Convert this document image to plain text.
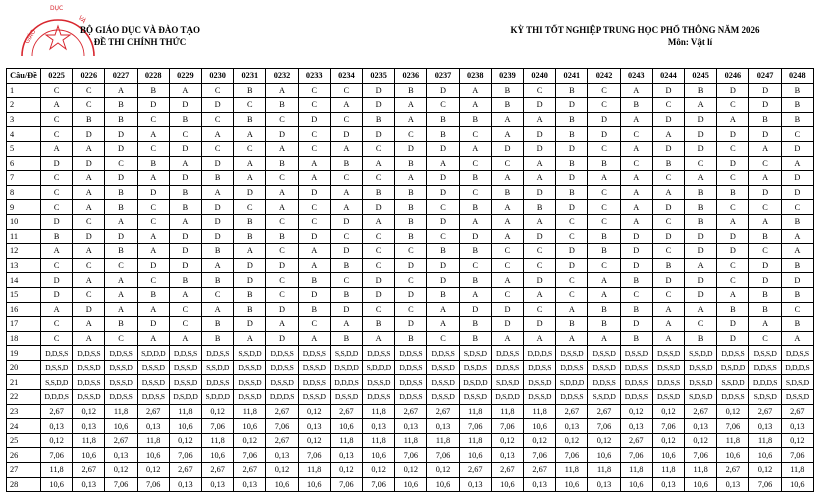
GIÁO
DỤC
VÀ
BỘ GIÁO DỤC VÀ ĐÀO TẠO
ĐỀ THI CHÍNH THỨC
KỲ THI TỐT NGHIỆP TRUNG HỌC PHỔ THÔNG NĂM 2026
Môn: Vật lí
Câu/Đề	0225	0226	0227	0228	0229	0230	0231	0232	0233	0234	0235	0236	0237	0238	0239	0240	0241	0242	0243	0244	0245	0246	0247	0248
1	C	C	A	B	A	C	B	A	C	C	D	B	D	A	B	C	B	C	A	D	B	D	D	B
2	A	C	B	D	D	D	C	B	C	A	D	A	C	A	B	D	D	C	B	C	A	C	D	B
3	C	B	B	C	B	C	B	C	D	C	B	A	B	B	A	A	B	D	A	D	D	A	B	B
4	C	D	D	A	C	A	A	D	C	D	D	C	B	C	A	D	B	D	C	A	D	D	D	C
5	A	A	D	C	D	C	C	A	C	A	C	D	D	A	D	D	D	C	A	D	D	C	A	D
6	D	D	C	B	A	D	A	B	A	B	A	B	A	C	C	A	B	B	C	B	C	D	C	A
7	C	A	D	A	D	B	A	C	A	C	C	A	D	B	A	A	D	A	A	C	A	C	A	D
8	C	A	B	D	B	A	D	A	D	A	B	B	D	C	B	D	B	C	A	A	B	B	D	D
9	C	A	B	C	B	D	C	A	C	A	D	B	C	B	A	B	D	C	A	D	B	C	C	C
10	D	C	A	C	A	D	B	C	C	D	A	B	D	A	A	A	C	C	A	C	B	A	A	B
11	B	D	D	A	D	D	B	B	D	C	C	B	C	D	A	D	C	B	D	D	D	D	B	A
12	A	A	B	A	D	B	A	C	A	D	C	C	B	B	C	C	D	B	D	C	D	D	C	A
13	C	C	C	D	D	A	D	D	A	B	C	D	D	C	C	C	D	C	D	B	A	C	D	B
14	D	A	A	C	B	B	D	C	B	C	D	C	D	B	A	D	C	A	B	D	D	C	D	D
15	D	C	A	B	A	C	B	C	D	B	D	D	B	A	C	A	C	A	C	C	D	A	B	B
16	A	D	A	A	C	A	B	D	B	D	C	C	A	D	D	C	A	B	B	A	A	B	B	C
17	C	A	B	D	C	B	D	A	C	A	B	D	A	B	D	D	B	B	D	A	C	D	A	B
18	C	A	C	A	A	B	A	D	A	B	A	B	C	B	A	A	A	A	B	A	B	D	C	A
19	D,D,S,S	D,D,S,S	D,D,S,S	S,D,D,D	D,D,S,S	D,D,S,S	S,S,D,D	D,D,S,S	D,D,S,S	S,S,D,D	D,D,S,S	D,D,S,S	D,D,S,S	S,D,S,D	D,D,S,S	D,D,D,S	D,S,S,D	D,S,S,D	D,S,S,D	D,S,S,D	S,S,D,D	D,D,S,S	D,S,S,D	D,D,S,S
20	D,S,S,D	D,S,S,D	D,S,S,D	D,S,S,D	D,S,S,D	S,S,D,D	D,S,S,D	D,D,S,S	D,S,S,D	D,S,D,D	S,D,D,D	D,D,S,S	D,S,S,D	D,S,D,S	D,D,S,S	D,D,S,S	D,D,S,S	D,S,S,D	D,D,S,S	D,S,S,D	D,S,S,D	D,S,D,D	D,D,S,S	D,D,D,S
21	S,S,D,D	D,D,S,S	D,S,S,D	D,S,S,D	D,S,S,D	D,D,S,S	D,S,S,D	D,S,S,D	D,D,S,S	D,D,D,S	D,S,S,D	D,D,S,S	D,S,S,D	D,S,D,D	S,D,S,D	D,S,S,D	S,D,D,D	D,D,S,S	D,D,S,S	D,D,S,S	D,S,S,D	S,S,D,D	D,D,D,S	S,D,S,D
22	D,D,D,S	D,S,S,D	D,D,S,S	D,D,S,S	D,S,D,D	S,D,D,D	D,S,S,D	D,D,D,S	D,S,S,D	D,S,S,D	D,D,S,S	D,D,S,S	D,S,S,D	D,S,S,D	D,S,D,D	D,S,S,D	D,D,S,S	S,S,D,D	D,D,S,S	D,S,S,D	S,D,S,D	D,D,S,S	S,D,S,D	D,S,S,D
23	2,67	0,12	11,8	2,67	11,8	0,12	11,8	2,67	0,12	2,67	11,8	2,67	2,67	11,8	11,8	11,8	2,67	2,67	0,12	0,12	2,67	0,12	2,67	2,67
24	0,13	0,13	10,6	0,13	10,6	7,06	10,6	7,06	0,13	10,6	0,13	0,13	0,13	7,06	7,06	10,6	0,13	7,06	0,13	7,06	0,13	7,06	0,13	0,13
25	0,12	11,8	2,67	11,8	0,12	11,8	0,12	2,67	0,12	11,8	11,8	11,8	11,8	11,8	0,12	0,12	0,12	0,12	2,67	0,12	0,12	11,8	11,8	0,12
26	7,06	10,6	0,13	10,6	7,06	10,6	7,06	0,13	7,06	0,13	10,6	7,06	7,06	10,6	0,13	7,06	7,06	10,6	7,06	10,6	7,06	10,6	10,6	7,06
27	11,8	2,67	0,12	0,12	2,67	2,67	2,67	0,12	11,8	0,12	0,12	0,12	0,12	2,67	2,67	2,67	11,8	11,8	11,8	11,8	11,8	2,67	0,12	11,8
28	10,6	0,13	7,06	7,06	0,13	0,13	0,13	10,6	10,6	7,06	7,06	10,6	10,6	0,13	10,6	0,13	10,6	0,13	10,6	0,13	10,6	0,13	7,06	10,6
